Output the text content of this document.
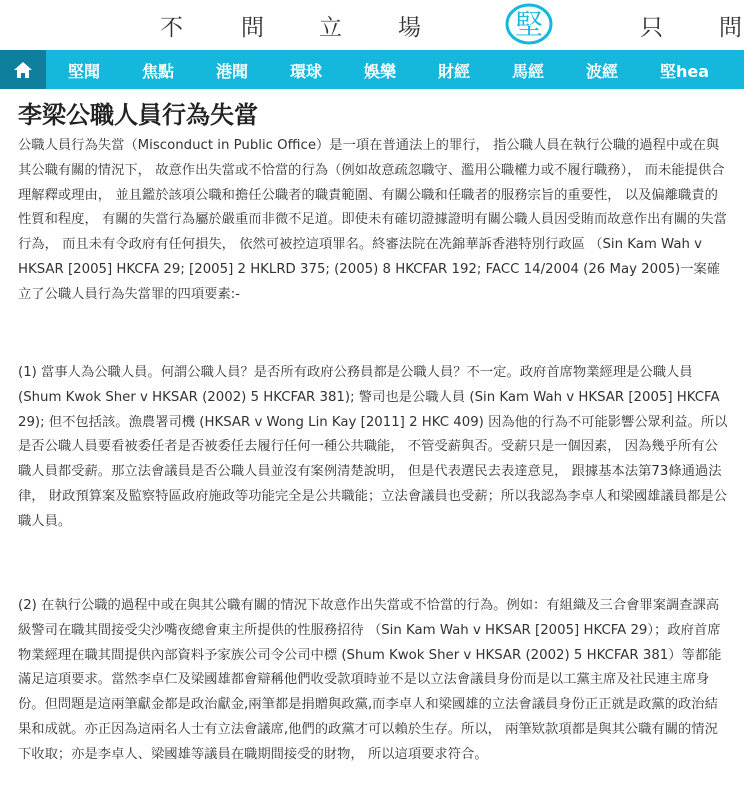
不	問 立 場	堅	只 問
堅聞	焦點	港聞	環球	娛樂	財經	馬經	波經	堅hea
李梁公職人員行為失當
公職人員行為失當（Misconduct in Public Office）是一項在普通法上的罪行， 指公職人員在執行公職的過程中或在與其公職有關的情況下， 故意作出失當或不恰當的行為（例如故意疏忽職守、濫用公職權力或不履行職務）， 而未能提供合理解釋或理由， 並且鑑於該項公職和擔任公職者的職責範圍、有關公職和任職者的服務宗旨的重要性， 以及偏離職責的性質和程度， 有關的失當行為屬於嚴重而非微不足道。即使未有確切證據證明有關公職人員因受賄而故意作出有關的失當行為， 而且未有令政府有任何損失， 依然可被控這項罪名。終審法院在冼錦華訴香港特別行政區 （Sin Kam Wah v HKSAR [2005] HKCFA 29; [2005] 2 HKLRD 375; (2005) 8 HKCFAR 192; FACC 14/2004 (26 May 2005)一案確立了公職人員行為失當罪的四項要素:-
(1) 當事人為公職人員。何謂公職人員？是否所有政府公務員都是公職人員？不一定。政府首席物業經理是公職人員 (Shum Kwok Sher v HKSAR (2002) 5 HKCFAR 381); 警司也是公職人員 (Sin Kam Wah v HKSAR [2005] HKCFA 29); 但不包括該。漁農署司機 (HKSAR v Wong Lin Kay [2011] 2 HKC 409) 因為他的行為不可能影響公眾利益。所以是否公職人員要看被委任者是否被委任去履行任何一種公共職能， 不管受薪與否。受薪只是一個因素， 因為幾乎所有公職人員都受薪。那立法會議員是否公職人員並沒有案例清楚說明， 但是代表選民去表達意見， 跟據基本法第73條通過法律， 財政預算案及監察特區政府施政等功能完全是公共職能；立法會議員也受薪；所以我認為李卓人和梁國雄議員都是公職人員。
(2) 在執行公職的過程中或在與其公職有關的情況下故意作出失當或不恰當的行為。例如：有組織及三合會罪案調查課高級警司在職其間接受尖沙嘴夜總會東主所提供的性服務招待 （Sin Kam Wah v HKSAR [2005] HKCFA 29）；政府首席物業經理在職其間提供內部資料予家族公司令公司中標 (Shum Kwok Sher v HKSAR (2002) 5 HKCFAR 381）等都能滿足這項要求。當然李卓仁及梁國雄都會辯稱他們收受款項時並不是以立法會議員身份而是以工黨主席及社民連主席身份。但問題是這兩筆獻金都是政治獻金,兩筆都是捐贈與政黨,而李卓人和梁國雄的立法會議員身份正正就是政黨的政治結果和成就。亦正因為這兩名人士有立法會議席,他們的政黨才可以賴於生存。所以， 兩筆欵款項都是與其公職有關的情況下收取；亦是李卓人、梁國雄等議員在職期間接受的財物， 所以這項要求符合。
